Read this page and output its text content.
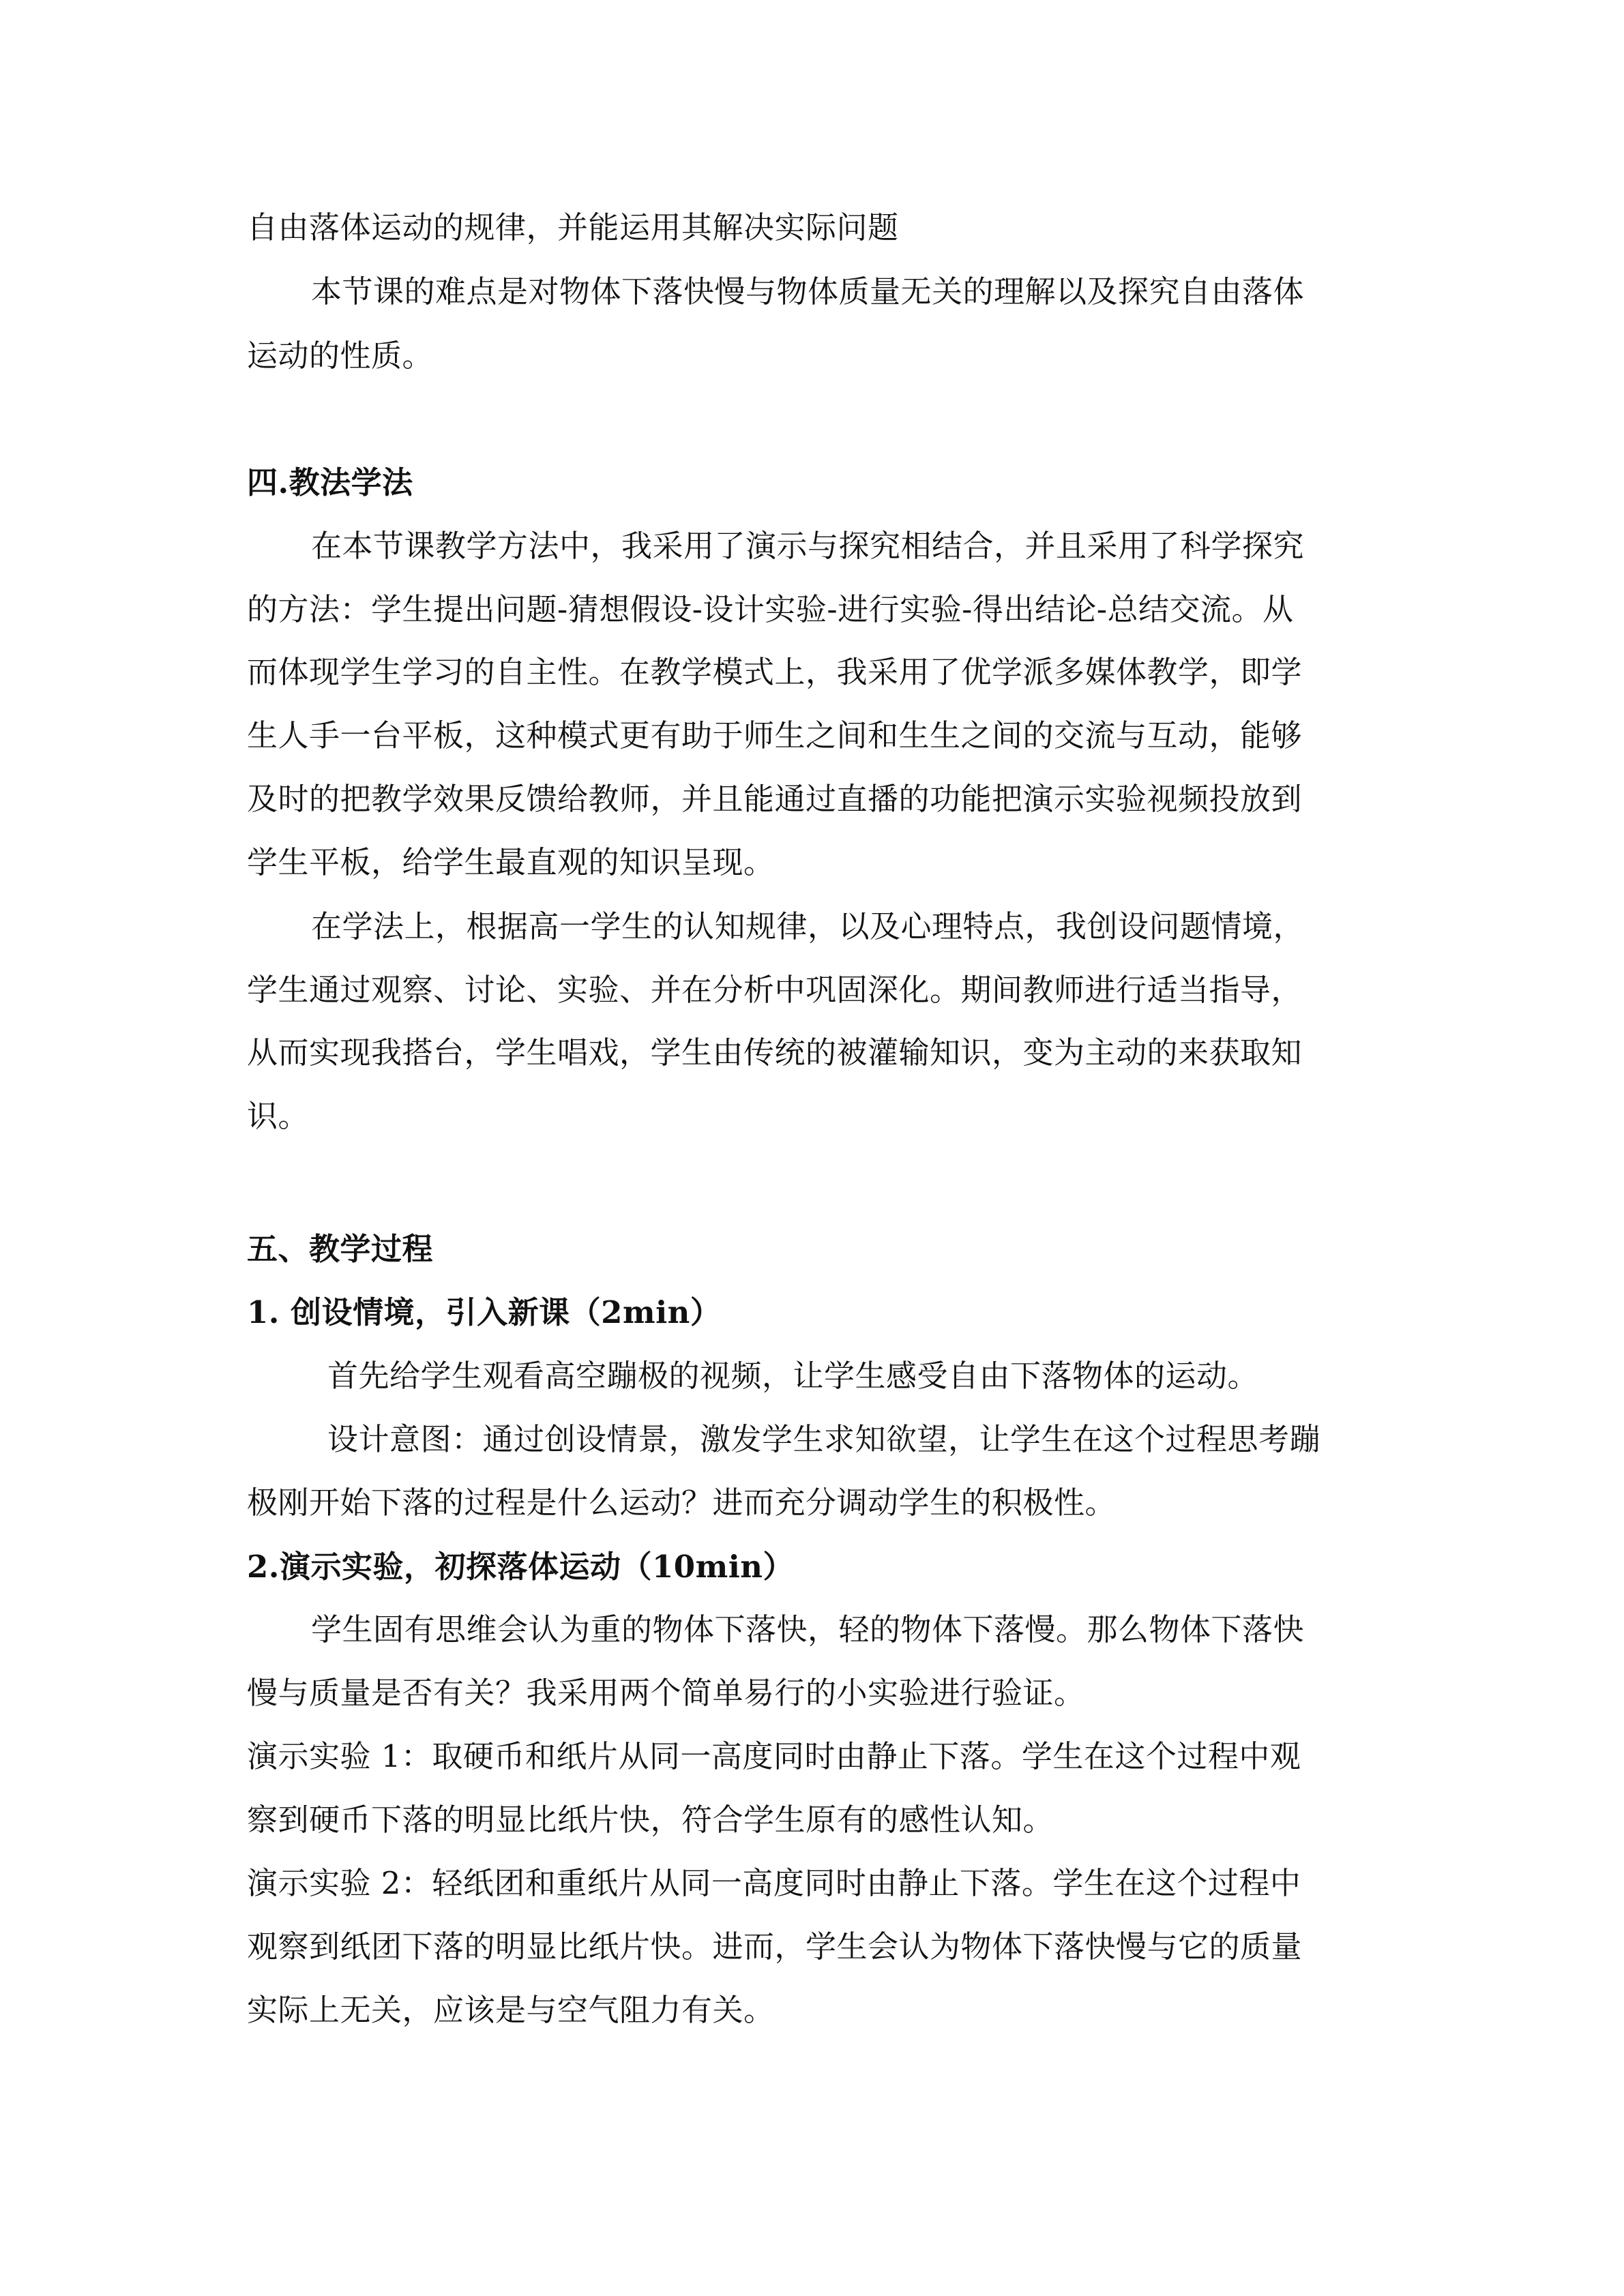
自由落体运动的规律，并能运用其解决实际问题
本节课的难点是对物体下落快慢与物体质量无关的理解以及探究自由落体
运动的性质。
四.教法学法
在本节课教学方法中，我采用了演示与探究相结合，并且采用了科学探究
的方法：学生提出问题-猜想假设-设计实验-进行实验-得出结论-总结交流。从
而体现学生学习的自主性。在教学模式上，我采用了优学派多媒体教学，即学
生人手一台平板，这种模式更有助于师生之间和生生之间的交流与互动，能够
及时的把教学效果反馈给教师，并且能通过直播的功能把演示实验视频投放到
学生平板，给学生最直观的知识呈现。
在学法上，根据高一学生的认知规律，以及心理特点，我创设问题情境，
学生通过观察、讨论、实验、并在分析中巩固深化。期间教师进行适当指导，
从而实现我搭台，学生唱戏，学生由传统的被灌输知识，变为主动的来获取知
识。
五、教学过程
1. 创设情境，引入新课（2min）
首先给学生观看高空蹦极的视频，让学生感受自由下落物体的运动。
设计意图：通过创设情景，激发学生求知欲望，让学生在这个过程思考蹦
极刚开始下落的过程是什么运动？进而充分调动学生的积极性。
2.演示实验，初探落体运动（10min）
学生固有思维会认为重的物体下落快，轻的物体下落慢。那么物体下落快
慢与质量是否有关？我采用两个简单易行的小实验进行验证。
演示实验 1：取硬币和纸片从同一高度同时由静止下落。学生在这个过程中观
察到硬币下落的明显比纸片快，符合学生原有的感性认知。
演示实验 2：轻纸团和重纸片从同一高度同时由静止下落。学生在这个过程中
观察到纸团下落的明显比纸片快。进而，学生会认为物体下落快慢与它的质量
实际上无关，应该是与空气阻力有关。
